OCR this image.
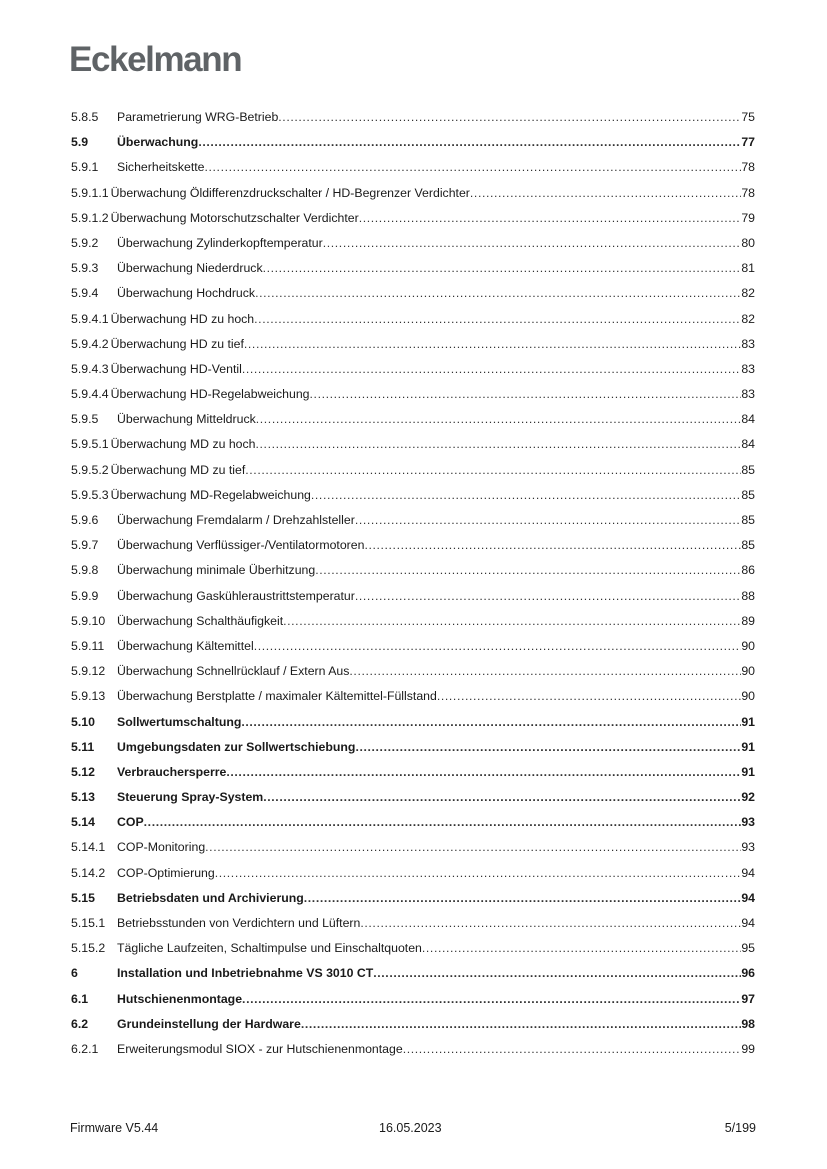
Eckelmann
5.8.5	Parametrierung WRG-Betrieb .....	75
5.9	Überwachung .....	77
5.9.1	Sicherheitskette .....	78
5.9.1.1 Überwachung Öldifferenzdruckschalter / HD-Begrenzer Verdichter .....	78
5.9.1.2 Überwachung Motorschutzschalter Verdichter .....	79
5.9.2	Überwachung Zylinderkopftemperatur .....	80
5.9.3	Überwachung Niederdruck .....	81
5.9.4	Überwachung Hochdruck .....	82
5.9.4.1 Überwachung HD zu hoch .....	82
5.9.4.2 Überwachung HD zu tief .....	83
5.9.4.3 Überwachung HD-Ventil .....	83
5.9.4.4 Überwachung HD-Regelabweichung .....	83
5.9.5	Überwachung Mitteldruck .....	84
5.9.5.1 Überwachung MD zu hoch .....	84
5.9.5.2 Überwachung MD zu tief .....	85
5.9.5.3 Überwachung MD-Regelabweichung .....	85
5.9.6	Überwachung Fremdalarm / Drehzahlsteller .....	85
5.9.7	Überwachung Verflüssiger-/Ventilatormotoren .....	85
5.9.8	Überwachung minimale Überhitzung .....	86
5.9.9	Überwachung Gaskühleraustrittstemperatur .....	88
5.9.10 Überwachung Schalthäufigkeit .....	89
5.9.11	Überwachung Kältemittel .....	90
5.9.12 Überwachung Schnellrücklauf / Extern Aus .....	90
5.9.13 Überwachung Berstplatte / maximaler Kältemittel-Füllstand .....	90
5.10	Sollwertumschaltung .....	91
5.11	Umgebungsdaten zur Sollwertschiebung .....	91
5.12	Verbrauchersperre .....	91
5.13	Steuerung Spray-System .....	92
5.14	COP .....	93
5.14.1 COP-Monitoring .....	93
5.14.2 COP-Optimierung .....	94
5.15	Betriebsdaten und Archivierung .....	94
5.15.1 Betriebsstunden von Verdichtern und Lüftern .....	94
5.15.2 Tägliche Laufzeiten, Schaltimpulse und Einschaltquoten .....	95
6	Installation und Inbetriebnahme VS 3010 CT .....	96
6.1	Hutschienenmontage .....	97
6.2	Grundeinstellung der Hardware .....	98
6.2.1	Erweiterungsmodul SIOX - zur Hutschienenmontage .....	99
Firmware V5.44	16.05.2023	5/199
